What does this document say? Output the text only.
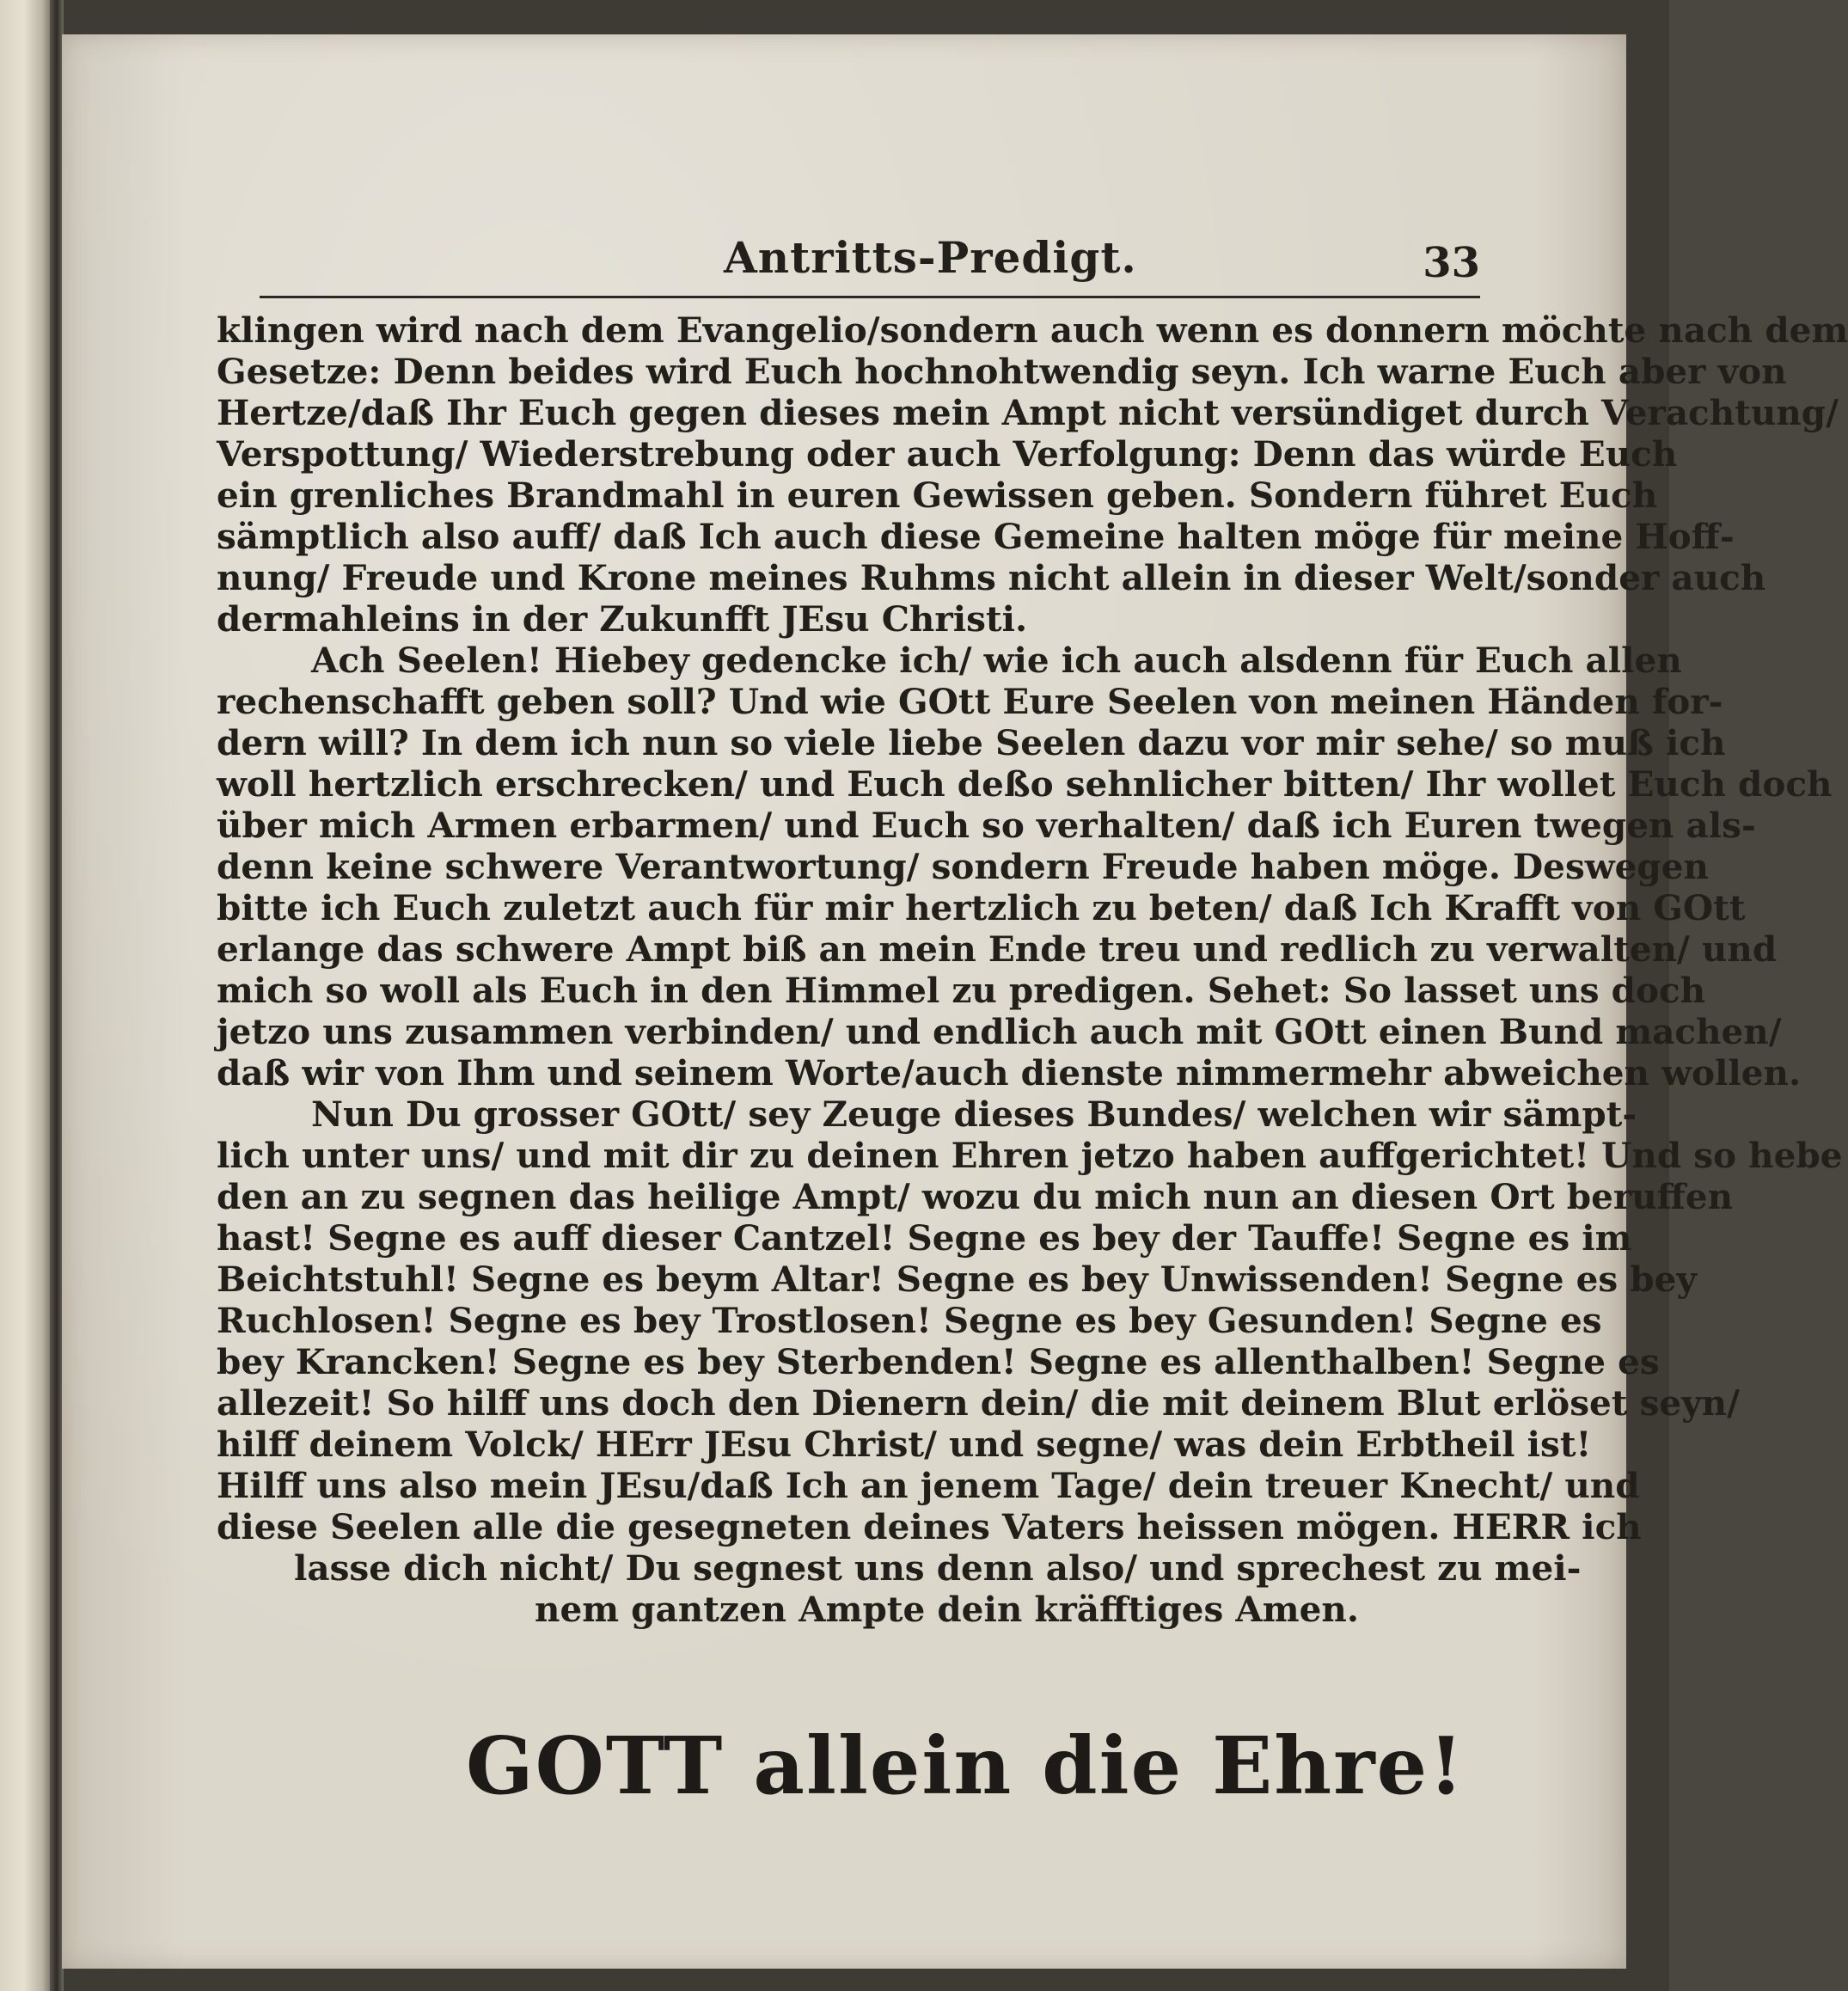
Antritts-Predigt.	33
klingen wird nach dem Evangelio/sondern auch wenn es donnern möchte nach dem
Gesetze: Denn beides wird Euch hochnohtwendig seyn. Ich warne Euch aber von
Hertze/daß Ihr Euch gegen dieses mein Ampt nicht versündiget durch Verachtung/
Verspottung/ Wiederstrebung oder auch Verfolgung: Denn das würde Euch
ein grenliches Brandmahl in euren Gewissen geben. Sondern führet Euch
sämptlich also auff/ daß Ich auch diese Gemeine halten möge für meine Hoff-
nung/ Freude und Krone meines Ruhms nicht allein in dieser Welt/sonder auch
dermahleins in der Zukunfft JEsu Christi.
Ach Seelen! Hiebey gedencke ich/ wie ich auch alsdenn für Euch allen
rechenschafft geben soll? Und wie GOtt Eure Seelen von meinen Händen for-
dern will? In dem ich nun so viele liebe Seelen dazu vor mir sehe/ so muß ich
woll hertzlich erschrecken/ und Euch deßo sehnlicher bitten/ Ihr wollet Euch doch
über mich Armen erbarmen/ und Euch so verhalten/ daß ich Euren twegen als-
denn keine schwere Verantwortung/ sondern Freude haben möge. Deswegen
bitte ich Euch zuletzt auch für mir hertzlich zu beten/ daß Ich Krafft von GOtt
erlange das schwere Ampt biß an mein Ende treu und redlich zu verwalten/ und
mich so woll als Euch in den Himmel zu predigen. Sehet: So lasset uns doch
jetzo uns zusammen verbinden/ und endlich auch mit GOtt einen Bund machen/
daß wir von Ihm und seinem Worte/auch dienste nimmermehr abweichen wollen.
Nun Du grosser GOtt/ sey Zeuge dieses Bundes/ welchen wir sämpt-
lich unter uns/ und mit dir zu deinen Ehren jetzo haben auffgerichtet! Und so hebe
den an zu segnen das heilige Ampt/ wozu du mich nun an diesen Ort beruffen
hast! Segne es auff dieser Cantzel! Segne es bey der Tauffe! Segne es im
Beichtstuhl! Segne es beym Altar! Segne es bey Unwissenden! Segne es bey
Ruchlosen! Segne es bey Trostlosen! Segne es bey Gesunden! Segne es
bey Krancken! Segne es bey Sterbenden! Segne es allenthalben! Segne es
allezeit! So hilff uns doch den Dienern dein/ die mit deinem Blut erlöset seyn/
hilff deinem Volck/ HErr JEsu Christ/ und segne/ was dein Erbtheil ist!
Hilff uns also mein JEsu/daß Ich an jenem Tage/ dein treuer Knecht/ und
diese Seelen alle die gesegneten deines Vaters heissen mögen. HERR ich
lasse dich nicht/ Du segnest uns denn also/ und sprechest zu mei-
nem gantzen Ampte dein kräfftiges Amen.
GOTT allein die Ehre!
